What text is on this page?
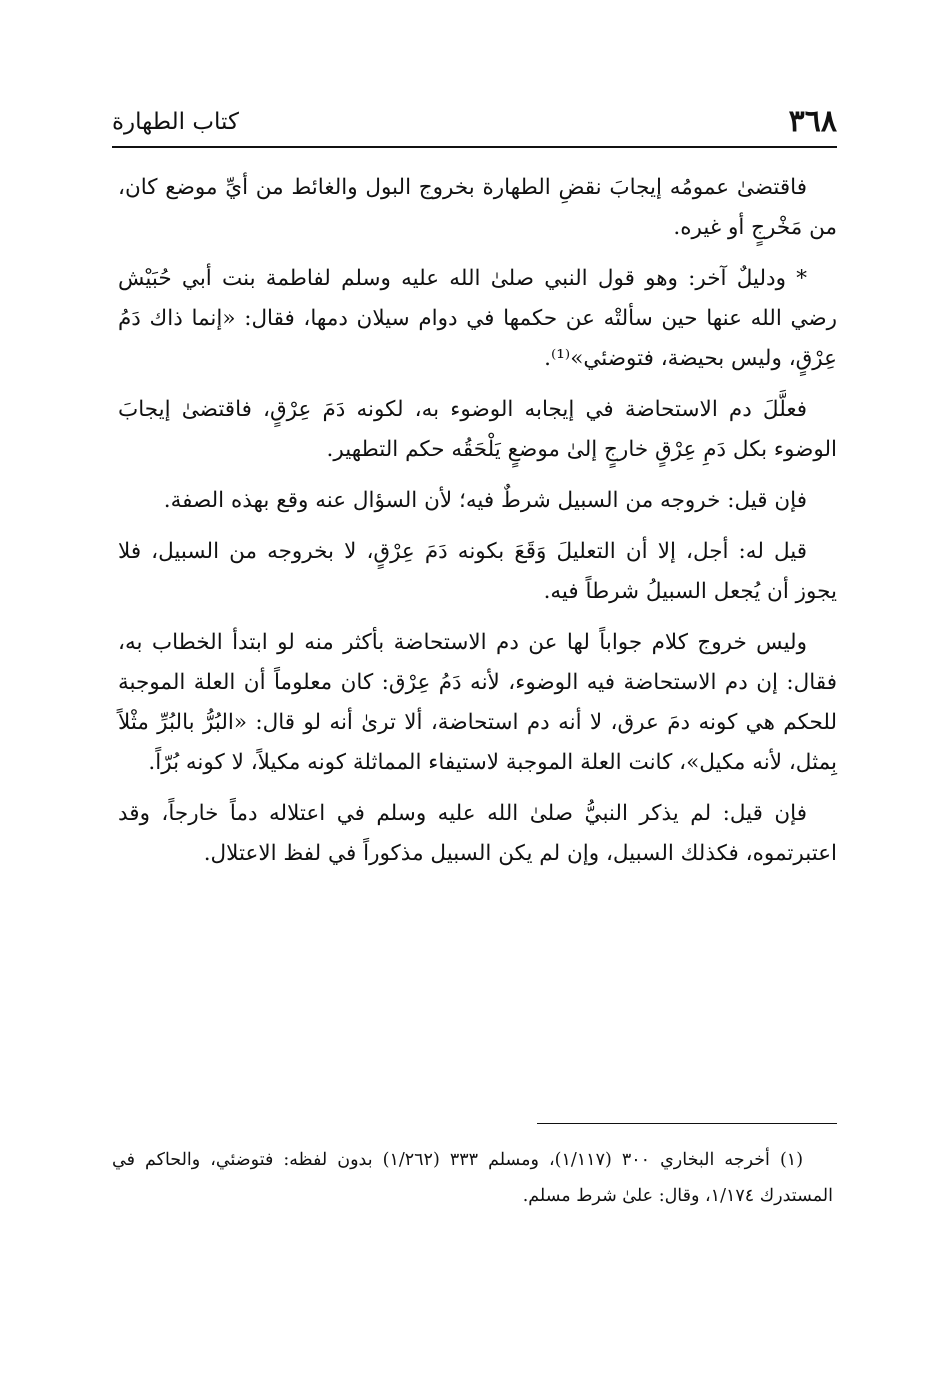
٣٦٨
كتاب الطهارة

فاقتضىٰ عمومُه إيجابَ نقضِ الطهارة بخروج البول والغائط من أيِّ موضع كان، من مَخْرجٍ أو غيره.

* ودليلٌ آخر: وهو قول النبي صلىٰ الله عليه وسلم لفاطمة بنت أبي حُبَيْش رضي الله عنها حين سألتْه عن حكمها في دوام سيلان دمها، فقال: «إنما ذاك دَمُ عِرْقٍ، وليس بحيضة، فتوضئي»⁽¹⁾.

فعلَّلَ دم الاستحاضة في إيجابه الوضوء به، لكونه دَمَ عِرْقٍ، فاقتضىٰ إيجابَ الوضوء بكل دَمِ عِرْقٍ خارجٍ إلىٰ موضعٍ يَلْحَقُه حكم التطهير.

فإن قيل: خروجه من السبيل شرطٌ فيه؛ لأن السؤال عنه وقع بهذه الصفة.

قيل له: أجل، إلا أن التعليلَ وَقَعَ بكونه دَمَ عِرْقٍ، لا بخروجه من السبيل، فلا يجوز أن يُجعل السبيلُ شرطاً فيه.

وليس خروج كلام جواباً لها عن دم الاستحاضة بأكثر منه لو ابتدأ الخطاب به، فقال: إن دم الاستحاضة فيه الوضوء، لأنه دَمُ عِرْق: كان معلوماً أن العلة الموجبة للحكم هي كونه دمَ عرق، لا أنه دم استحاضة، ألا ترىٰ أنه لو قال: «البُرُّ بالبُرِّ مثْلاً بِمثل، لأنه مكيل»، كانت العلة الموجبة لاستيفاء المماثلة كونه مكيلاً، لا كونه بُرّاً.

فإن قيل: لم يذكر النبيُّ صلىٰ الله عليه وسلم في اعتلاله دماً خارجاً، وقد اعتبرتموه، فكذلك السبيل، وإن لم يكن السبيل مذكوراً في لفظ الاعتلال.

(١) أخرجه البخاري ٣٠٠ (١/١١٧)، ومسلم ٣٣٣ (١/٢٦٢) بدون لفظه: فتوضئي، والحاكم في المستدرك ١/١٧٤، وقال: علىٰ شرط مسلم.
